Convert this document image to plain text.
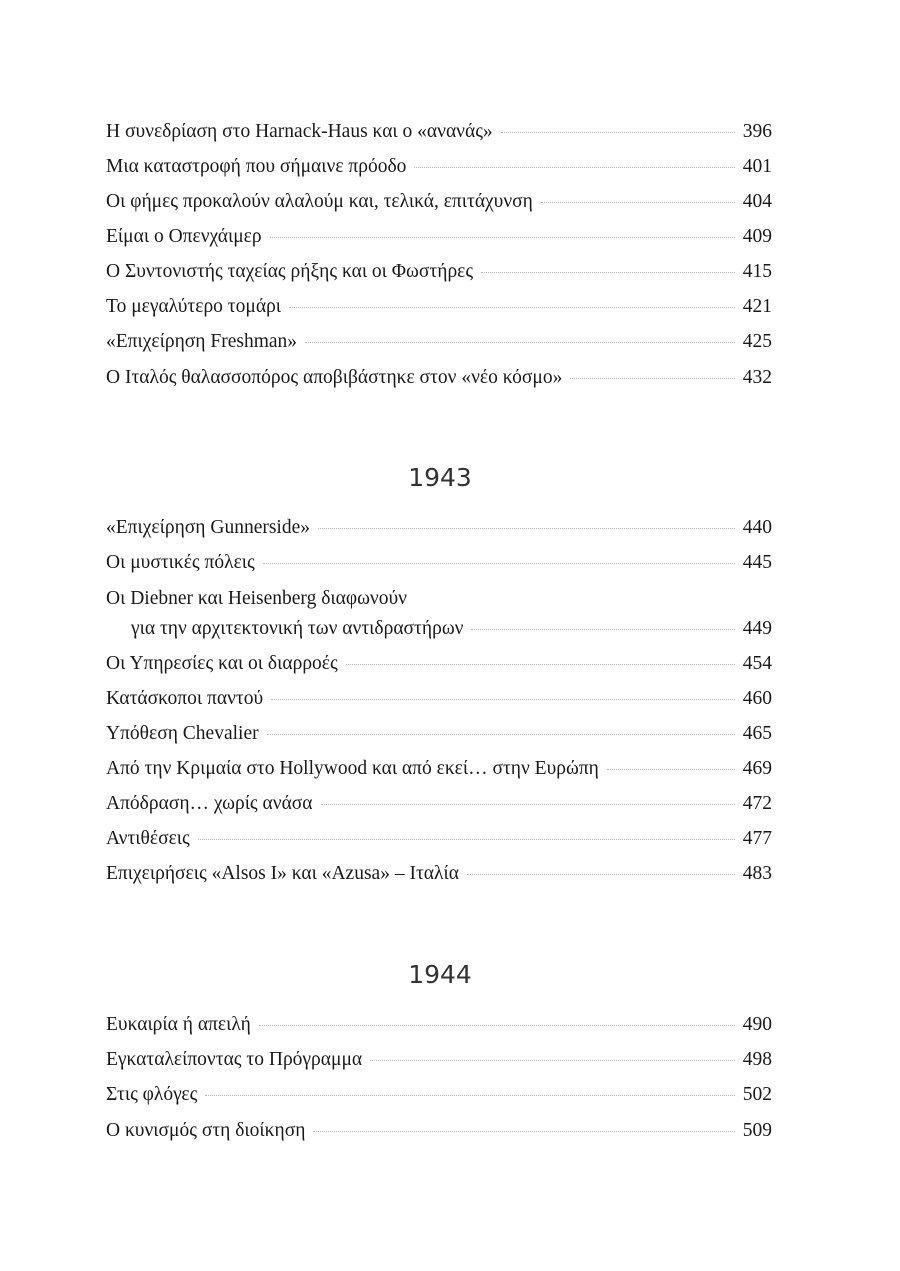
Η συνεδρίαση στο Harnack-Haus και ο «ανανάς»	396
Μια καταστροφή που σήμαινε πρόοδο	401
Οι φήμες προκαλούν αλαλούμ και, τελικά, επιτάχυνση	404
Είμαι ο Οπενχάιμερ	409
Ο Συντονιστής ταχείας ρήξης και οι Φωστήρες	415
Το μεγαλύτερο τομάρι	421
«Επιχείρηση Freshman»	425
Ο Ιταλός θαλασσοπόρος αποβιβάστηκε στον «νέο κόσμο»	432
1943
«Επιχείρηση Gunnerside»	440
Οι μυστικές πόλεις	445
Οι Diebner και Heisenberg διαφωνούν
για την αρχιτεκτονική των αντιδραστήρων	449
Οι Υπηρεσίες και οι διαρροές	454
Κατάσκοποι παντού	460
Υπόθεση Chevalier	465
Από την Κριμαία στο Hollywood και από εκεί… στην Ευρώπη	469
Απόδραση… χωρίς ανάσα	472
Αντιθέσεις	477
Επιχειρήσεις «Alsos I» και «Azusa» – Ιταλία	483
1944
Ευκαιρία ή απειλή	490
Εγκαταλείποντας το Πρόγραμμα	498
Στις φλόγες	502
Ο κυνισμός στη διοίκηση	509
